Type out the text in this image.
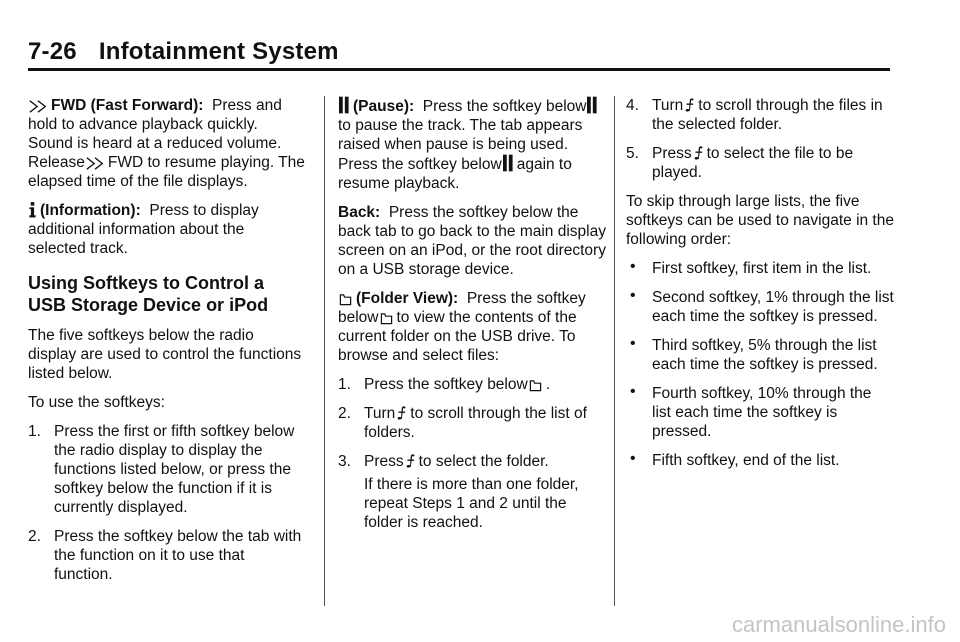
7-26 Infotainment System

FWD (Fast Forward): Press and hold to advance playback quickly. Sound is heard at a reduced volume. Release FWD to resume playing. The elapsed time of the file displays.

(Information): Press to display additional information about the selected track.

Using Softkeys to Control a USB Storage Device or iPod

The five softkeys below the radio display are used to control the functions listed below.

To use the softkeys:

1. Press the first or fifth softkey below the radio display to display the functions listed below, or press the softkey below the function if it is currently displayed.
2. Press the softkey below the tab with the function on it to use that function.

(Pause): Press the softkey belowto pause the track. The tab appears raised when pause is being used. Press the softkey below again to resume playback.

Back: Press the softkey below the back tab to go back to the main display screen on an iPod, or the root directory on a USB storage device.

(Folder View): Press the softkey below to view the contents of the current folder on the USB drive. To browse and select files:

1. Press the softkey below .
2. Turn to scroll through the list of folders.
3. Press to select the folder.
If there is more than one folder, repeat Steps 1 and 2 until the folder is reached.
4. Turn to scroll through the files in the selected folder.
5. Press to select the file to be played.

To skip through large lists, the five softkeys can be used to navigate in the following order:

• First softkey, first item in the list.
• Second softkey, 1% through the list each time the softkey is pressed.
• Third softkey, 5% through the list each time the softkey is pressed.
• Fourth softkey, 10% through the list each time the softkey is pressed.
• Fifth softkey, end of the list.
carmanualsonline.info
